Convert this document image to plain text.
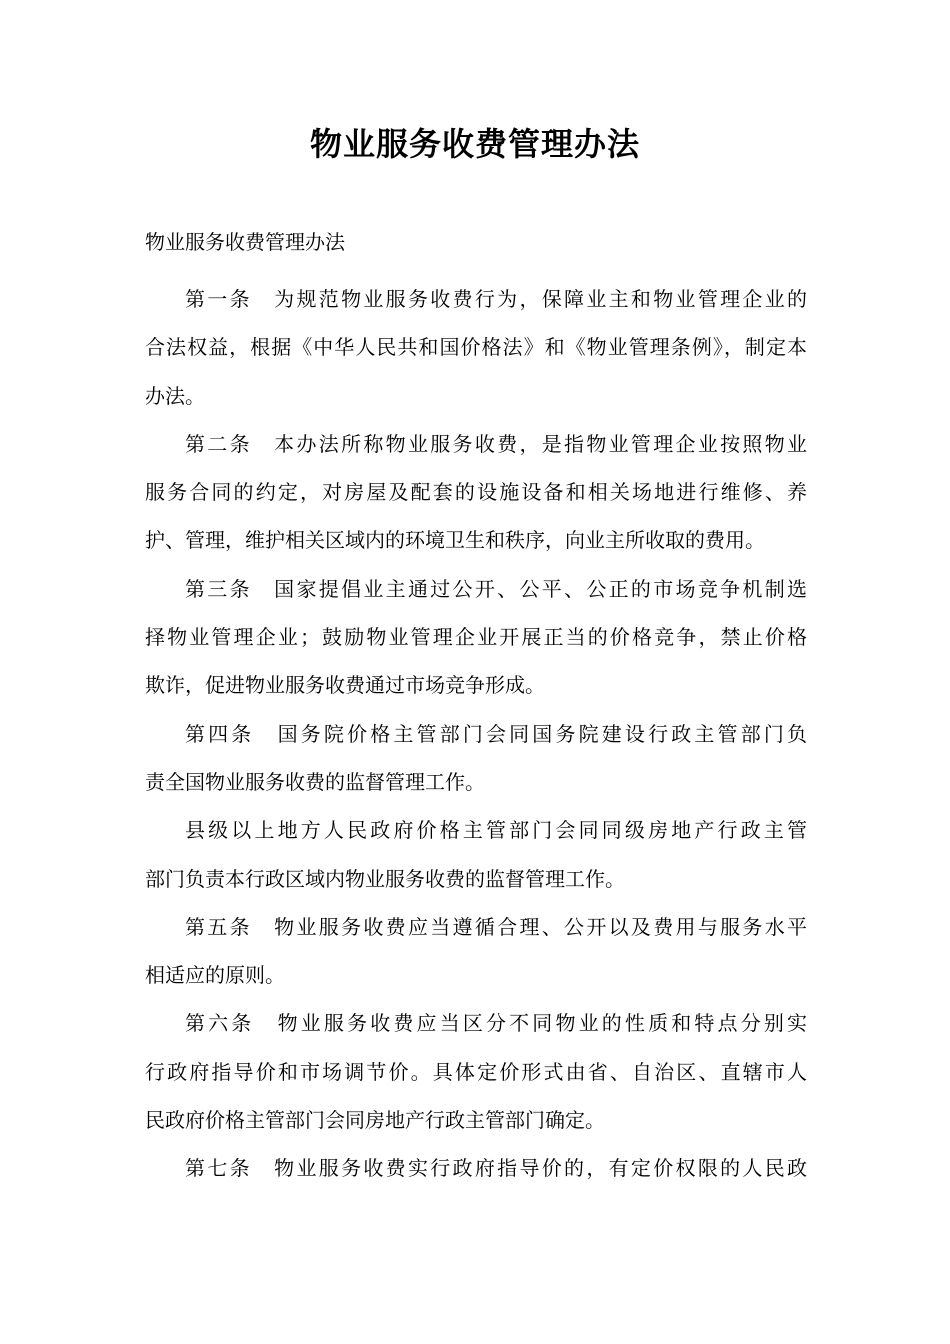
物业服务收费管理办法
物业服务收费管理办法

第一条　为规范物业服务收费行为，保障业主和物业管理企业的
合法权益，根据《中华人民共和国价格法》和《物业管理条例》，制定本
办法。

第二条　本办法所称物业服务收费，是指物业管理企业按照物业
服务合同的约定，对房屋及配套的设施设备和相关场地进行维修、养
护、管理，维护相关区域内的环境卫生和秩序，向业主所收取的费用。

第三条　国家提倡业主通过公开、公平、公正的市场竞争机制选
择物业管理企业；鼓励物业管理企业开展正当的价格竞争，禁止价格
欺诈，促进物业服务收费通过市场竞争形成。

第四条　国务院价格主管部门会同国务院建设行政主管部门负
责全国物业服务收费的监督管理工作。

县级以上地方人民政府价格主管部门会同同级房地产行政主管
部门负责本行政区域内物业服务收费的监督管理工作。

第五条　物业服务收费应当遵循合理、公开以及费用与服务水平
相适应的原则。

第六条　物业服务收费应当区分不同物业的性质和特点分别实
行政府指导价和市场调节价。具体定价形式由省、自治区、直辖市人
民政府价格主管部门会同房地产行政主管部门确定。

第七条　物业服务收费实行政府指导价的，有定价权限的人民政
